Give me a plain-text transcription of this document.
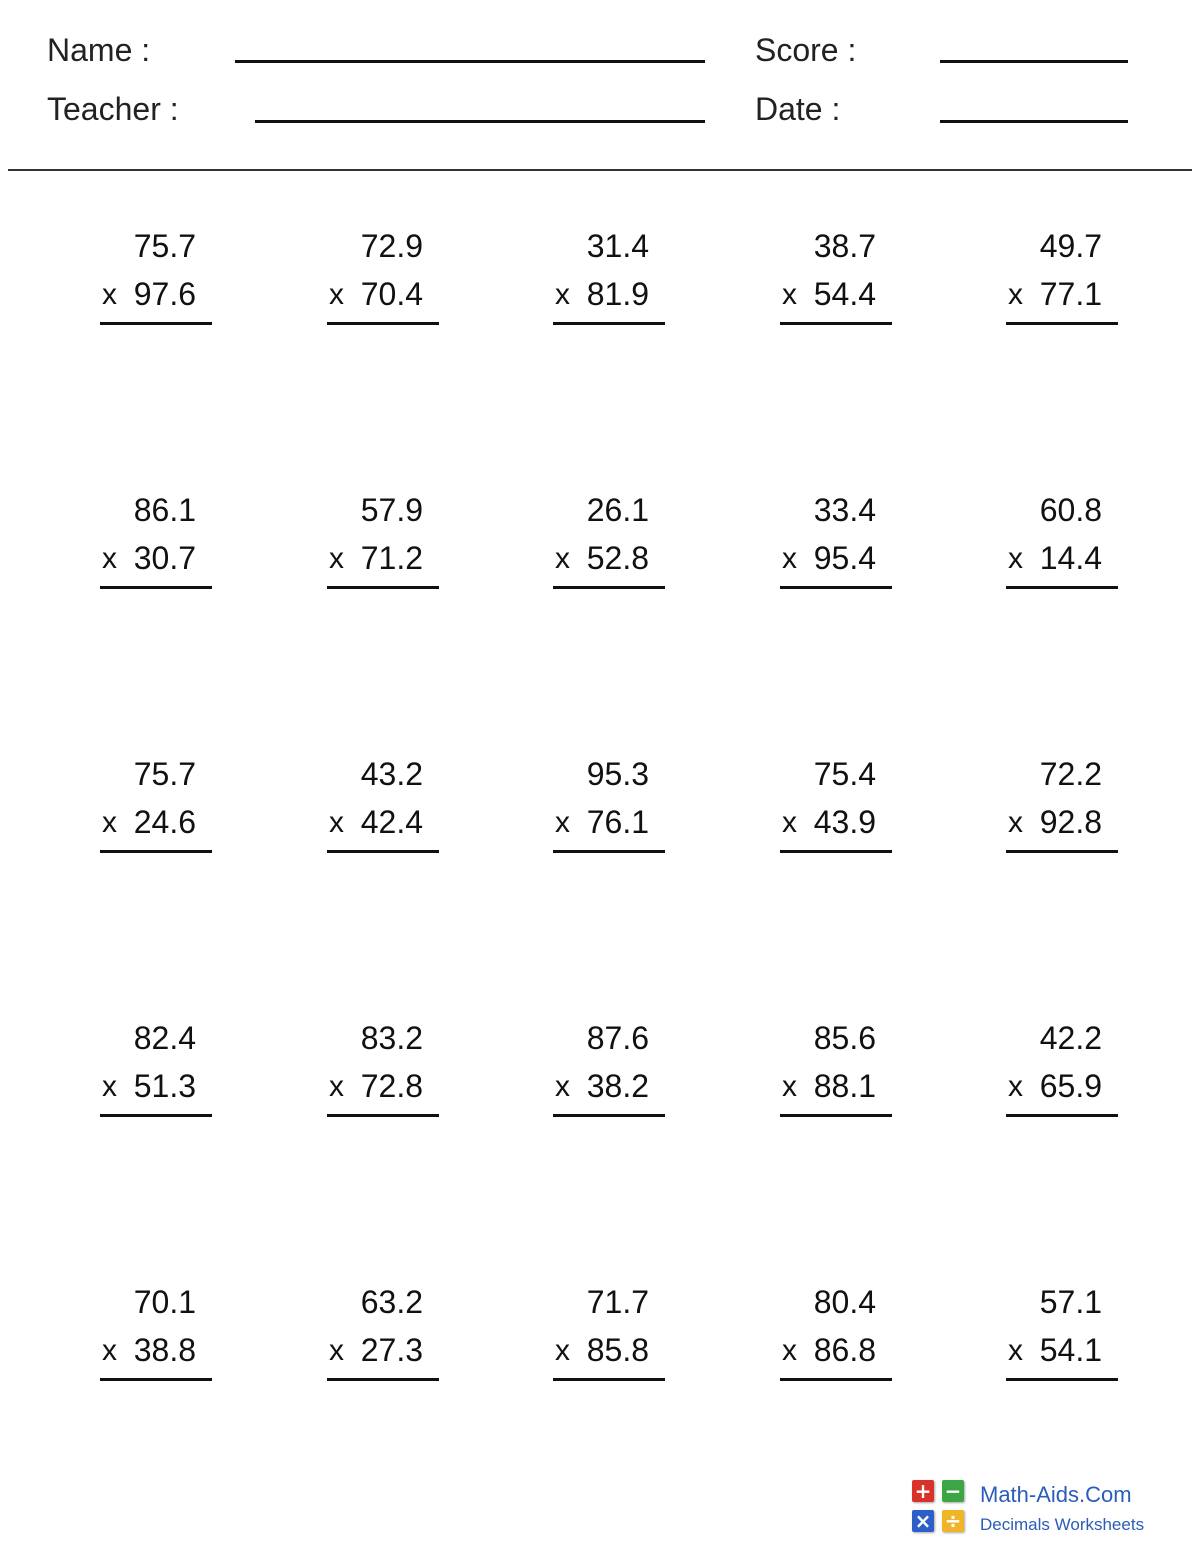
Name :
Teacher :
Score :
Date :
75.7
x 97.6
72.9
x 70.4
31.4
x 81.9
38.7
x 54.4
49.7
x 77.1
86.1
x 30.7
57.9
x 71.2
26.1
x 52.8
33.4
x 95.4
60.8
x 14.4
75.7
x 24.6
43.2
x 42.4
95.3
x 76.1
75.4
x 43.9
72.2
x 92.8
82.4
x 51.3
83.2
x 72.8
87.6
x 38.2
85.6
x 88.1
42.2
x 65.9
70.1
x 38.8
63.2
x 27.3
71.7
x 85.8
80.4
x 86.8
57.1
x 54.1
+ −
× ÷
Math-Aids.Com
Decimals Worksheets
